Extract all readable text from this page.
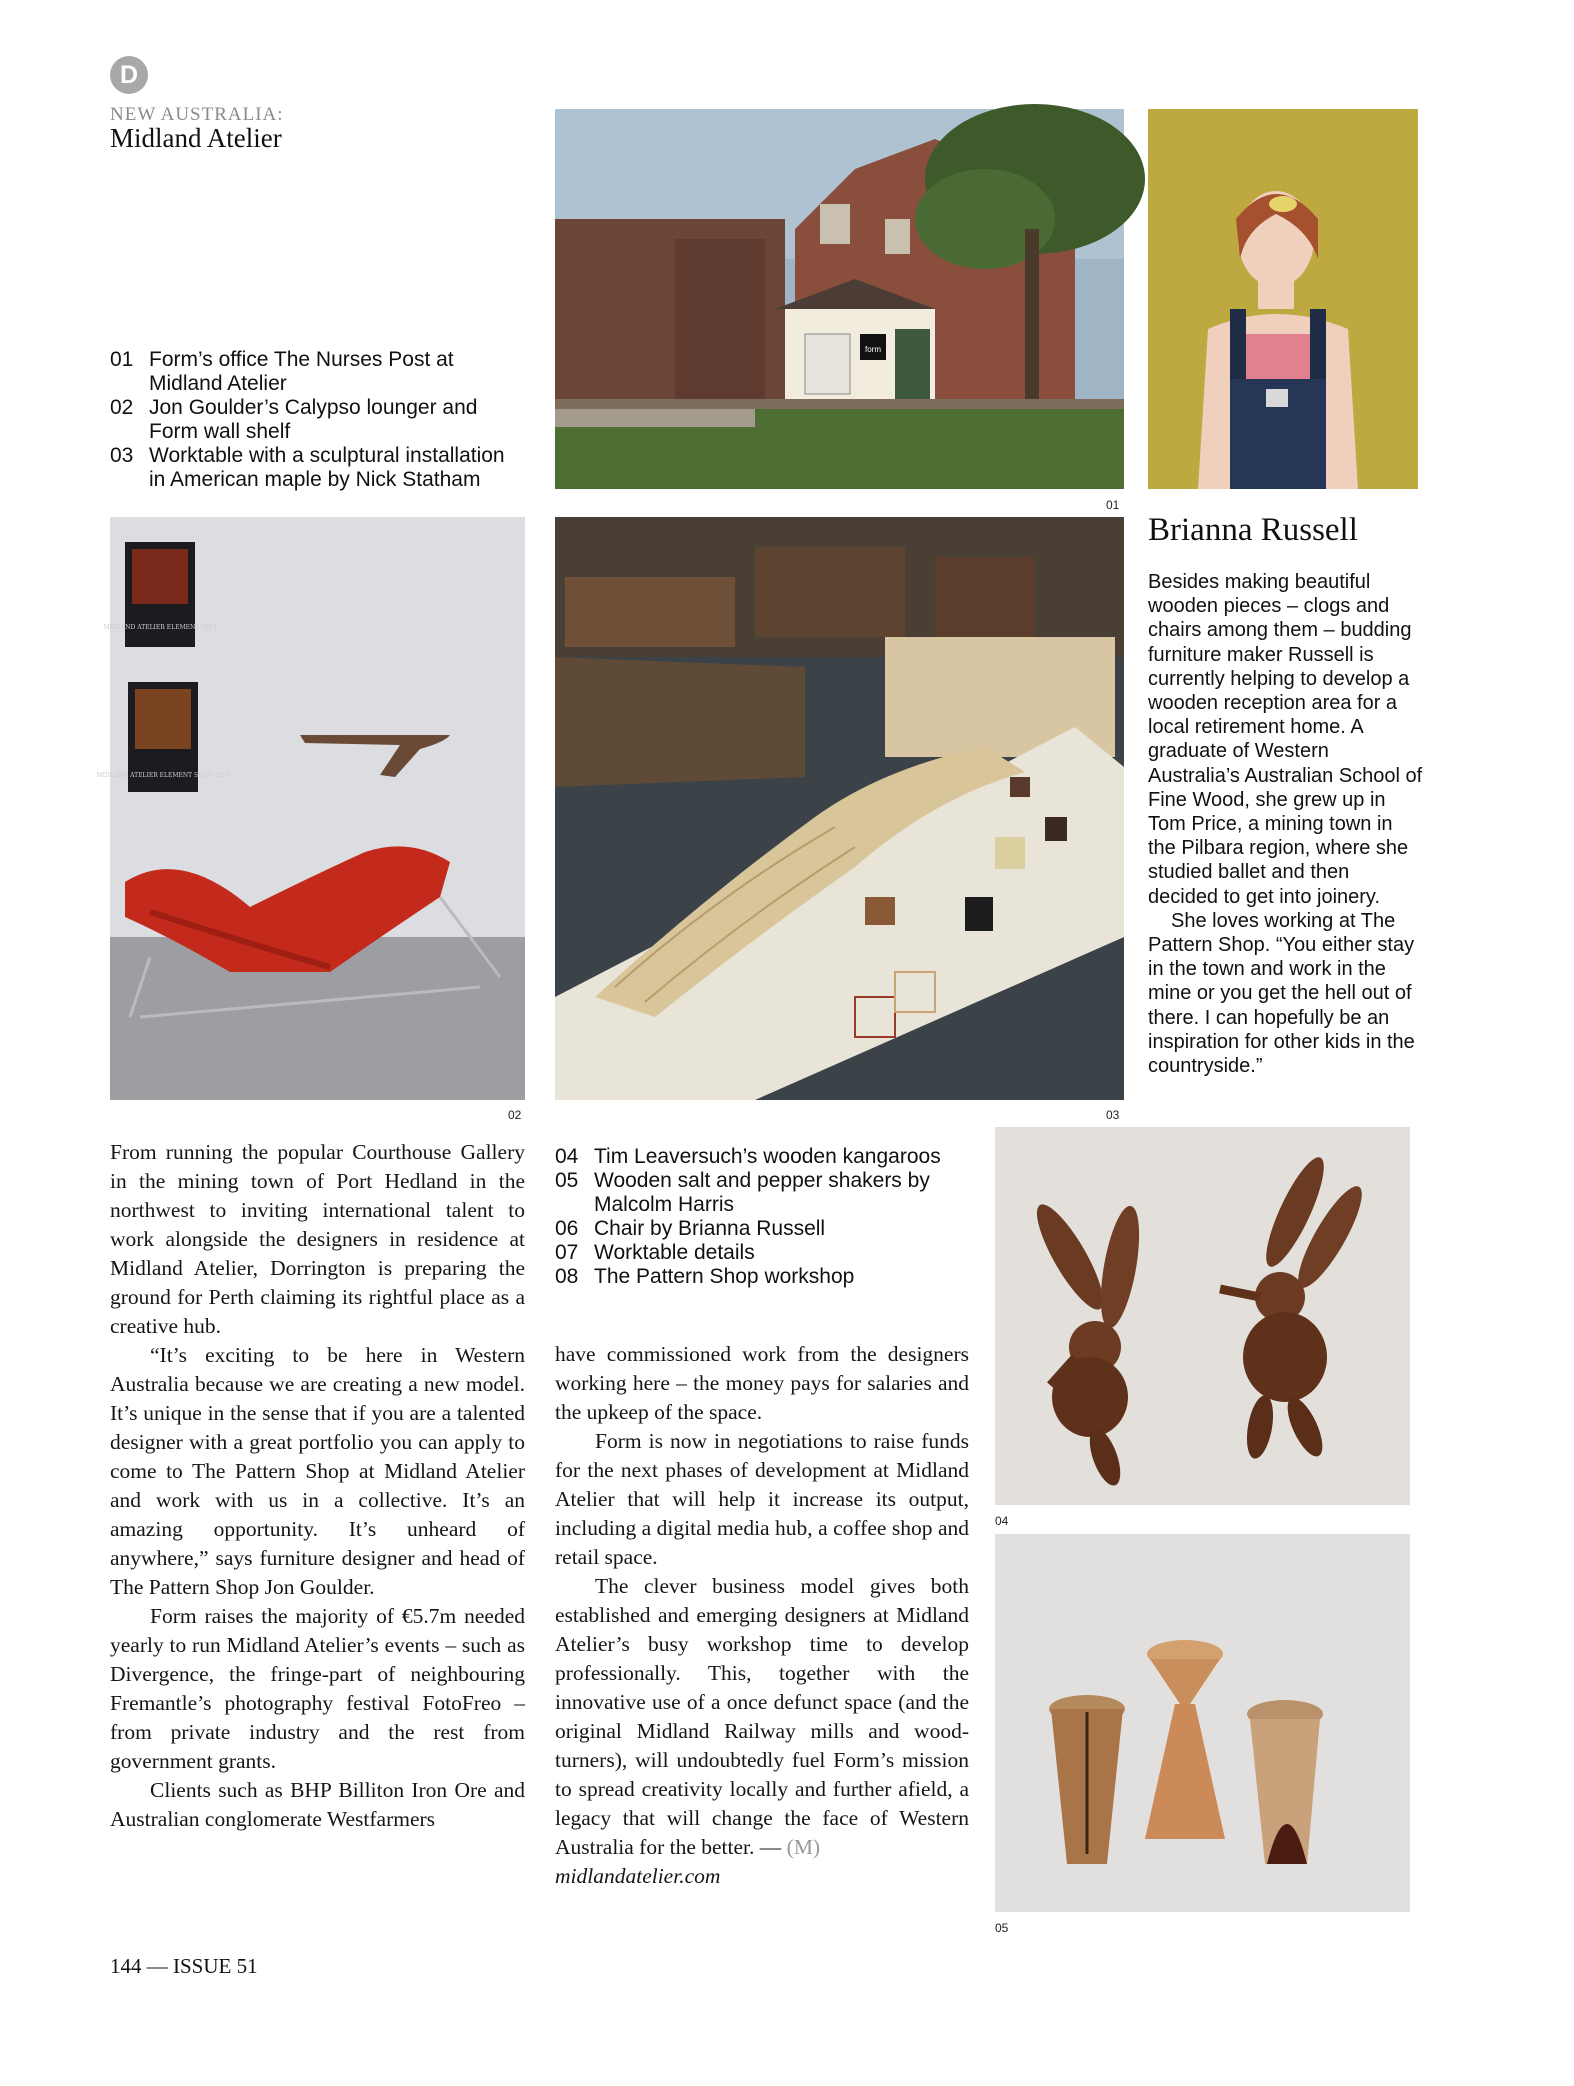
D
NEW AUSTRALIA:
Midland Atelier
01 Form’s office The Nurses Post at Midland Atelier
02 Jon Goulder’s Calypso lounger and Form wall shelf
03 Worktable with a sculptural installation in American maple by Nick Statham
form
01
MIDLAND ATELIER ELEMENT 2013
MIDLAND ATELIER ELEMENT SHOP 2013
02	03
Brianna Russell

Besides making beautiful wooden pieces – clogs and chairs among them – budding furniture maker Russell is currently helping to develop a wooden reception area for a local retirement home. A graduate of Western Australia’s Australian School of Fine Wood, she grew up in Tom Price, a mining town in the Pilbara region, where she studied ballet and then decided to get into joinery.

She loves working at The Pattern Shop. “You either stay in the town and work in the mine or you get the hell out of there. I can hopefully be an inspiration for other kids in the countryside.”

04 Tim Leaversuch’s wooden kangaroos
05 Wooden salt and pepper shakers by Malcolm Harris
06 Chair by Brianna Russell
07 Worktable details
08 The Pattern Shop workshop

From running the popular Courthouse Gallery in the mining town of Port Hedland in the northwest to inviting international talent to work alongside the designers in residence at Midland Atelier, Dorrington is preparing the ground for Perth claiming its rightful place as a creative hub.

“It’s exciting to be here in Western Australia because we are creating a new model. It’s unique in the sense that if you are a talented designer with a great portfolio you can apply to come to The Pattern Shop at Midland Atelier and work with us in a collective. It’s an amazing opportunity. It’s unheard of anywhere,” says furniture designer and head of The Pattern Shop Jon Goulder.

Form raises the majority of €5.7m needed yearly to run Midland Atelier’s events – such as Divergence, the fringe-part of neighbouring Fremantle’s photography festival FotoFreo – from private industry and the rest from government grants.

Clients such as BHP Billiton Iron Ore and Australian conglomerate Westfarmers

have commissioned work from the designers working here – the money pays for salaries and the upkeep of the space.

Form is now in negotiations to raise funds for the next phases of development at Midland Atelier that will help it increase its output, including a digital media hub, a coffee shop and retail space.

The clever business model gives both established and emerging designers at Midland Atelier’s busy workshop time to develop professionally. This, together with the innovative use of a once defunct space (and the original Midland Railway mills and wood-turners), will undoubtedly fuel Form’s mission to spread creativity locally and further afield, a legacy that will change the face of Western Australia for the better. — (M)

midlandatelier.com
04
05
144 — ISSUE 51
